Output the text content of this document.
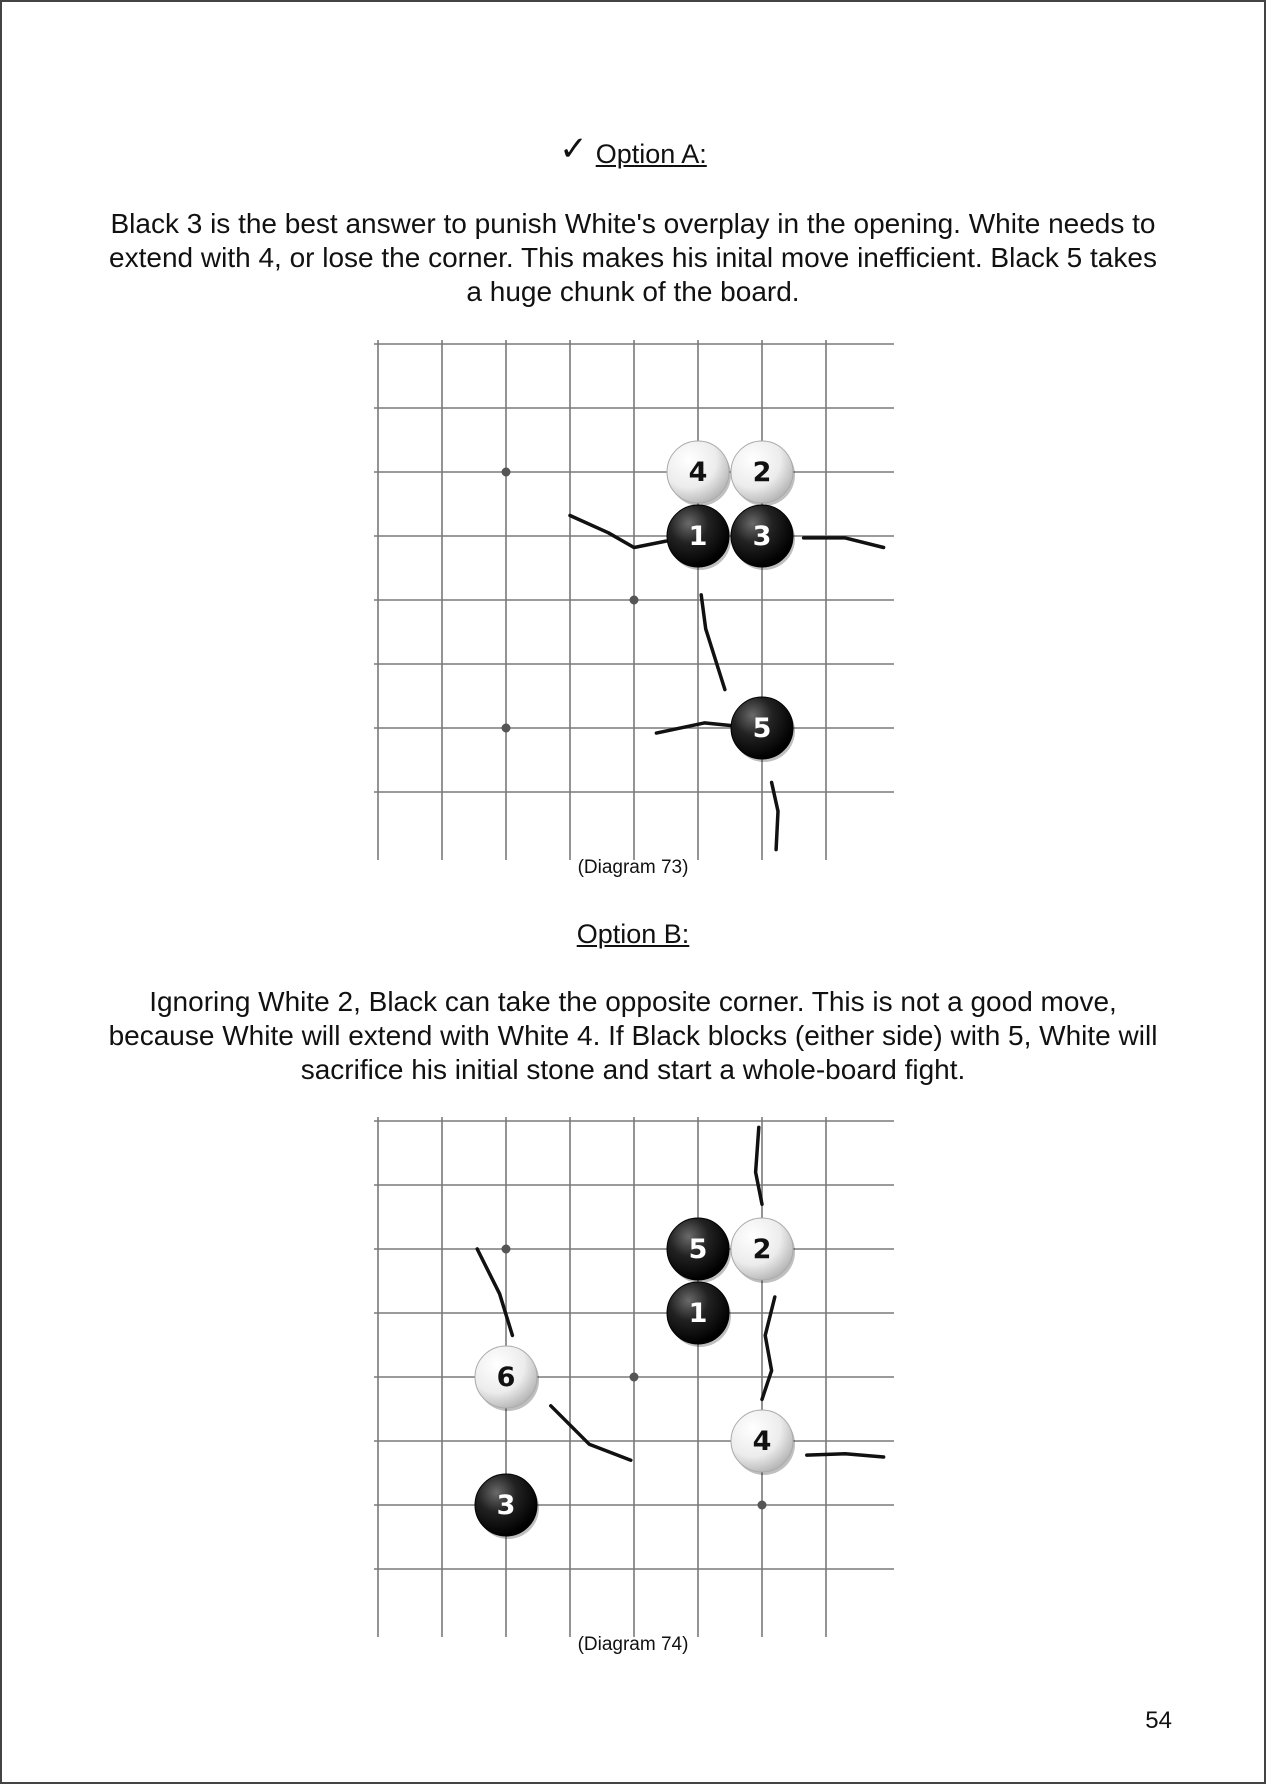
✓ Option A:
Black 3 is the best answer to punish White's overplay in the opening. White needs to extend with 4, or lose the corner. This makes his inital move inefficient. Black 5 takes a huge chunk of the board.
4 2
1 3
5
(Diagram 73)
Option B:
Ignoring White 2, Black can take the opposite corner. This is not a good move, because White will extend with White 4. If Black blocks (either side) with 5, White will sacrifice his initial stone and start a whole-board fight.
5 2
1
6
4
3
(Diagram 74)
54
